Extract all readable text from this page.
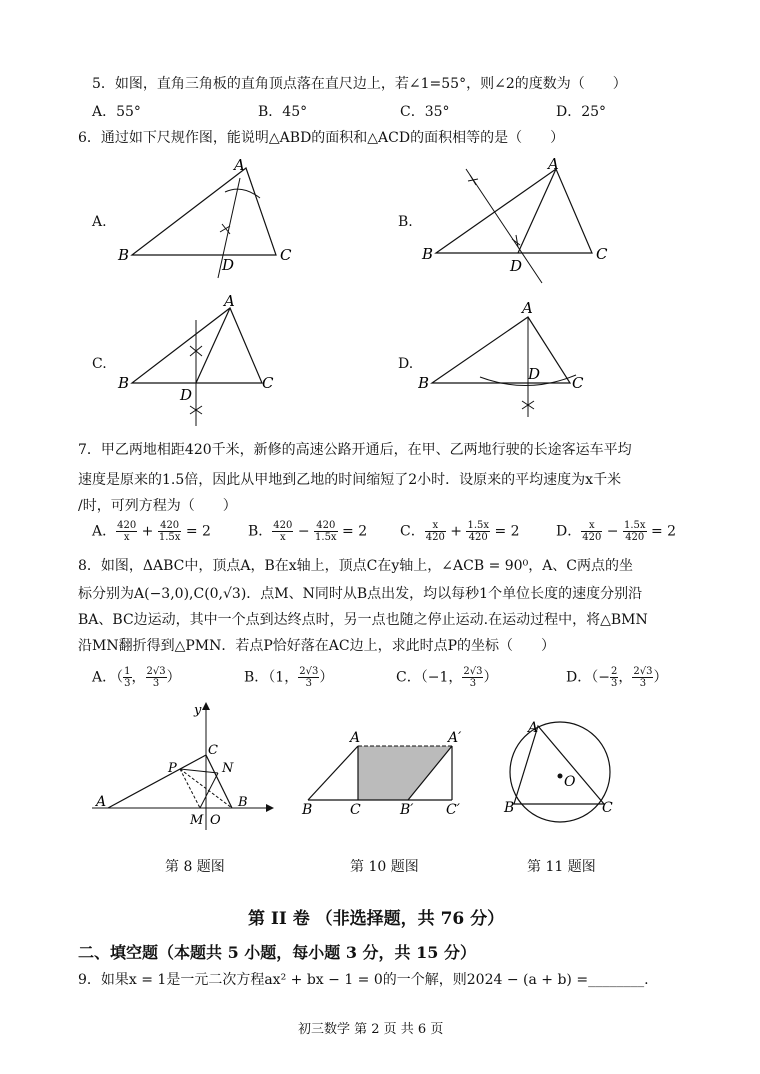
5．如图，直角三角板的直角顶点落在直尺边上，若∠1=55°，则∠2的度数为（　　）
A．55°	B．45°	C．35°	D．25°
6．通过如下尺规作图，能说明△ABD的面积和△ACD的面积相等的是（　　）
A.
A
B	C
D
B.
A
B	C
D
C.
A
B	C
D
D.
A
B	C
D
7．甲乙两地相距420千米，新修的高速公路开通后，在甲、乙两地行驶的长途客运车平均
速度是原来的1.5倍，因此从甲地到乙地的时间缩短了2小时．设原来的平均速度为x千米
/时，可列方程为（　　）
A． $\frac{420}{x} + \frac{420}{1.5x} = 2$	B． $\frac{420}{x} - \frac{420}{1.5x} = 2$ C． $\frac{x}{420} + \frac{1.5x}{420} = 2$	D． $\frac{x}{420} - \frac{1.5x}{420} = 2$
8．如图，ΔABC中，顶点A，B在x轴上，顶点C在y轴上，∠ACB = 90⁰，A、C两点的坐
标分别为A(−3,0),C(0,√3)．点M、N同时从B点出发，均以每秒1个单位长度的速度分别沿
BA、BC边运动，其中一个点到达终点时，另一点也随之停止运动.在运动过程中，将△BMN
沿MN翻折得到△PMN．若点P恰好落在AC边上，求此时点P的坐标（　　）
A．（ $\frac{1}{3}$ ， $\frac{2√3}{3}$ ）	B．（1， $\frac{2√3}{3}$ ）	C．（−1， $\frac{2√3}{3}$ ）	D．（− $\frac{2}{3}$ ， $\frac{2√3}{3}$ ）
y
A
P
C
N
M O
B
第 8 题图
A	A′
B	C	B′ C′
第 10 题图
A
O
B	C
第 11 题图
第 II 卷 （非选择题，共 76 分）
二、填空题（本题共 5 小题，每小题 3 分，共 15 分）
9．如果x = 1是一元二次方程ax² + bx − 1 = 0的一个解，则2024 − (a + b) =________.
初三数学 第 2 页 共 6 页
